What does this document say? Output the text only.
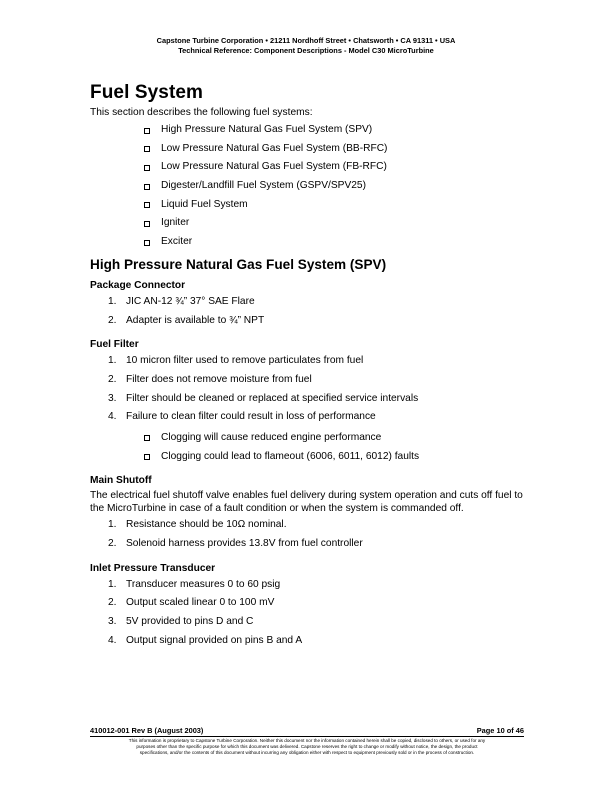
Capstone Turbine Corporation • 21211 Nordhoff Street • Chatsworth • CA 91311 • USA
Technical Reference: Component Descriptions - Model C30 MicroTurbine
Fuel System

This section describes the following fuel systems:

High Pressure Natural Gas Fuel System (SPV)
Low Pressure Natural Gas Fuel System (BB-RFC)
Low Pressure Natural Gas Fuel System (FB-RFC)
Digester/Landfill Fuel System (GSPV/SPV25)
Liquid Fuel System
Igniter
Exciter
High Pressure Natural Gas Fuel System (SPV)
Package Connector
1. JIC AN-12 ¾” 37° SAE Flare
2. Adapter is available to ¾” NPT
Fuel Filter
1. 10 micron filter used to remove particulates from fuel
2. Filter does not remove moisture from fuel
3. Filter should be cleaned or replaced at specified service intervals
4. Failure to clean filter could result in loss of performance
Clogging will cause reduced engine performance
Clogging could lead to flameout (6006, 6011, 6012) faults
Main Shutoff

The electrical fuel shutoff valve enables fuel delivery during system operation and cuts off fuel to the MicroTurbine in case of a fault condition or when the system is commanded off.

1. Resistance should be 10Ω nominal.
2. Solenoid harness provides 13.8V from fuel controller
Inlet Pressure Transducer
1. Transducer measures 0 to 60 psig
2. Output scaled linear 0 to 100 mV
3. 5V provided to pins D and C
4. Output signal provided on pins B and A
410012-001 Rev B (August 2003)	Page 10 of 46
This information is proprietary to Capstone Turbine Corporation. Neither this document nor the information contained herein shall be copied, disclosed to others, or used for any
purposes other than the specific purpose for which this document was delivered. Capstone reserves the right to change or modify without notice, the design, the product
specifications, and/or the contents of this document without incurring any obligation either with respect to equipment previously sold or in the process of construction.
